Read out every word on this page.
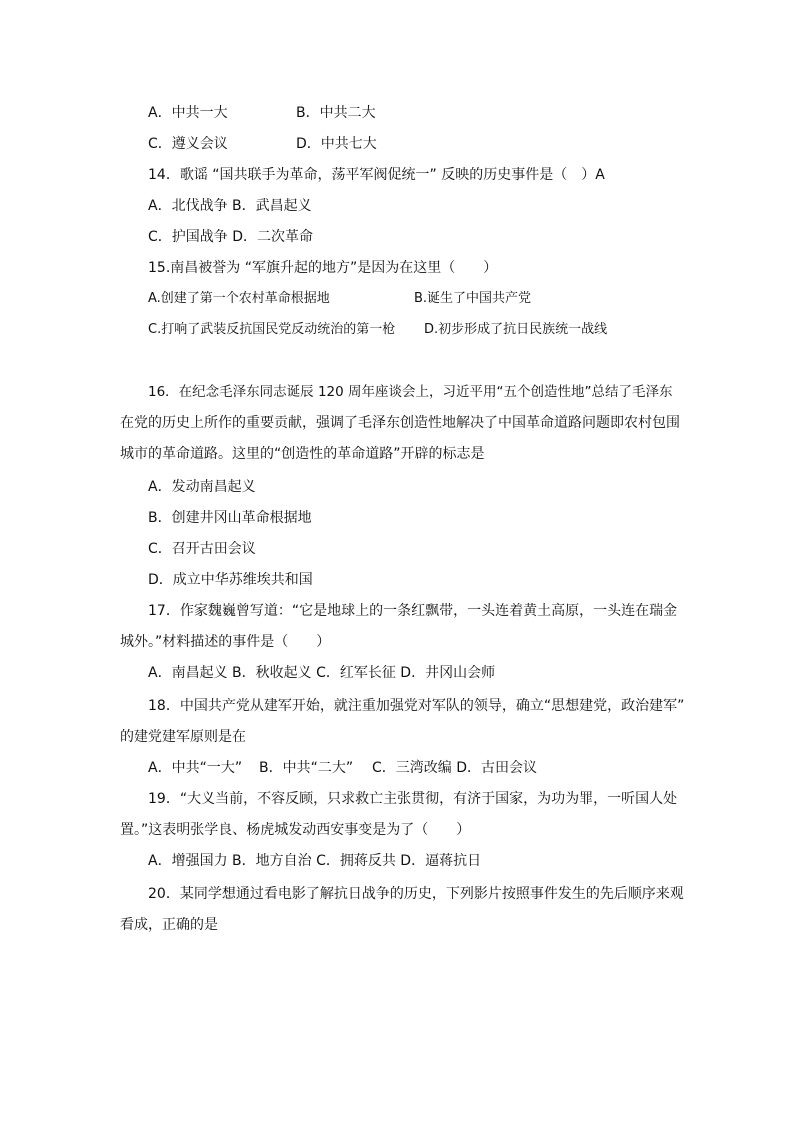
A．中共一大	B．中共二大
C．遵义会议	D．中共七大
14．歌谣 “国共联手为革命，荡平军阀促统一” 反映的历史事件是（　）A
A．北伐战争 B．武昌起义
C．护国战争 D．二次革命
15.南昌被誉为 “军旗升起的地方”是因为在这里（　　）
A.创建了第一个农村革命根据地	B.诞生了中国共产党
C.打响了武装反抗国民党反动统治的第一枪 D.初步形成了抗日民族统一战线
16．在纪念毛泽东同志诞辰 120 周年座谈会上，习近平用“五个创造性地”总结了毛泽东
在党的历史上所作的重要贡献，强调了毛泽东创造性地解决了中国革命道路问题即农村包围
城市的革命道路。这里的“创造性的革命道路”开辟的标志是
A．发动南昌起义
B．创建井冈山革命根据地
C．召开古田会议
D．成立中华苏维埃共和国
17．作家魏巍曾写道：“它是地球上的一条红飘带，一头连着黄土高原，一头连在瑞金
城外。”材料描述的事件是（　　）
A．南昌起义 B．秋收起义 C．红军长征 D．井冈山会师
18．中国共产党从建军开始，就注重加强党对军队的领导，确立“思想建党，政治建军”
的建党建军原则是在
A．中共“一大” B．中共“二大” C．三湾改编 D．古田会议
19．“大义当前，不容反顾，只求救亡主张贯彻，有济于国家，为功为罪，一听国人处
置。”这表明张学良、杨虎城发动西安事变是为了（　　）
A．增强国力 B．地方自治 C．拥蒋反共 D．逼蒋抗日
20．某同学想通过看电影了解抗日战争的历史，下列影片按照事件发生的先后顺序来观
看成，正确的是
